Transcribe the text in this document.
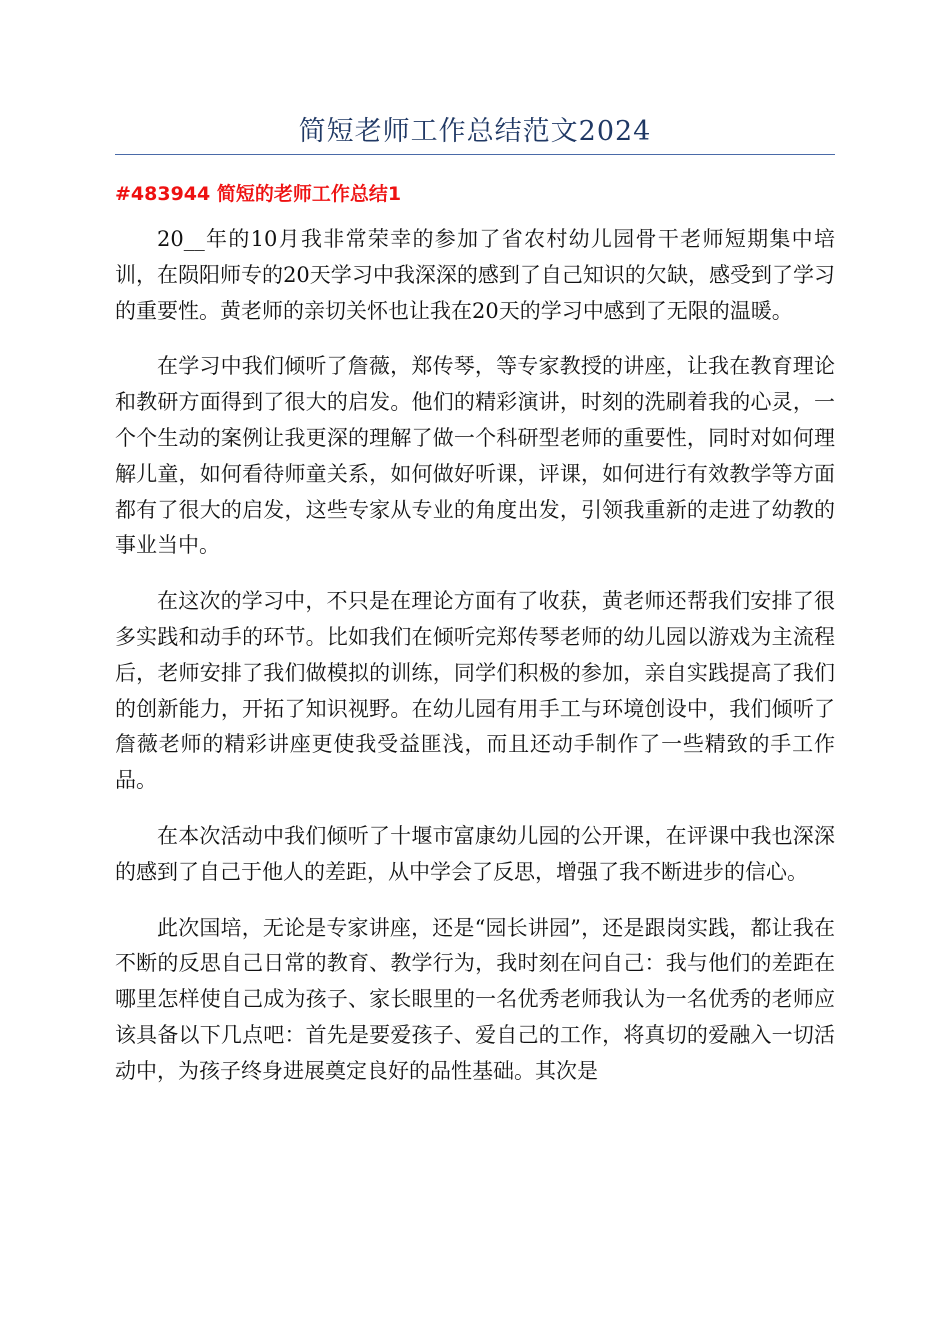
简短老师工作总结范文2024
#483944 简短的老师工作总结1

20__年的10月我非常荣幸的参加了省农村幼儿园骨干老师短期集中培训，在陨阳师专的20天学习中我深深的感到了自己知识的欠缺，感受到了学习的重要性。黄老师的亲切关怀也让我在20天的学习中感到了无限的温暖。

在学习中我们倾听了詹薇，郑传琴，等专家教授的讲座，让我在教育理论和教研方面得到了很大的启发。他们的精彩演讲，时刻的洗刷着我的心灵，一个个生动的案例让我更深的理解了做一个科研型老师的重要性，同时对如何理解儿童，如何看待师童关系，如何做好听课，评课，如何进行有效教学等方面都有了很大的启发，这些专家从专业的角度出发，引领我重新的走进了幼教的事业当中。

在这次的学习中，不只是在理论方面有了收获，黄老师还帮我们安排了很多实践和动手的环节。比如我们在倾听完郑传琴老师的幼儿园以游戏为主流程后，老师安排了我们做模拟的训练，同学们积极的参加，亲自实践提高了我们的创新能力，开拓了知识视野。在幼儿园有用手工与环境创设中，我们倾听了詹薇老师的精彩讲座更使我受益匪浅，而且还动手制作了一些精致的手工作品。

在本次活动中我们倾听了十堰市富康幼儿园的公开课，在评课中我也深深的感到了自己于他人的差距，从中学会了反思，增强了我不断进步的信心。

此次国培，无论是专家讲座，还是“园长讲园”，还是跟岗实践，都让我在不断的反思自己日常的教育、教学行为，我时刻在问自己：我与他们的差距在哪里怎样使自己成为孩子、家长眼里的一名优秀老师我认为一名优秀的老师应该具备以下几点吧：首先是要爱孩子、爱自己的工作，将真切的爱融入一切活动中，为孩子终身进展奠定良好的品性基础。其次是
